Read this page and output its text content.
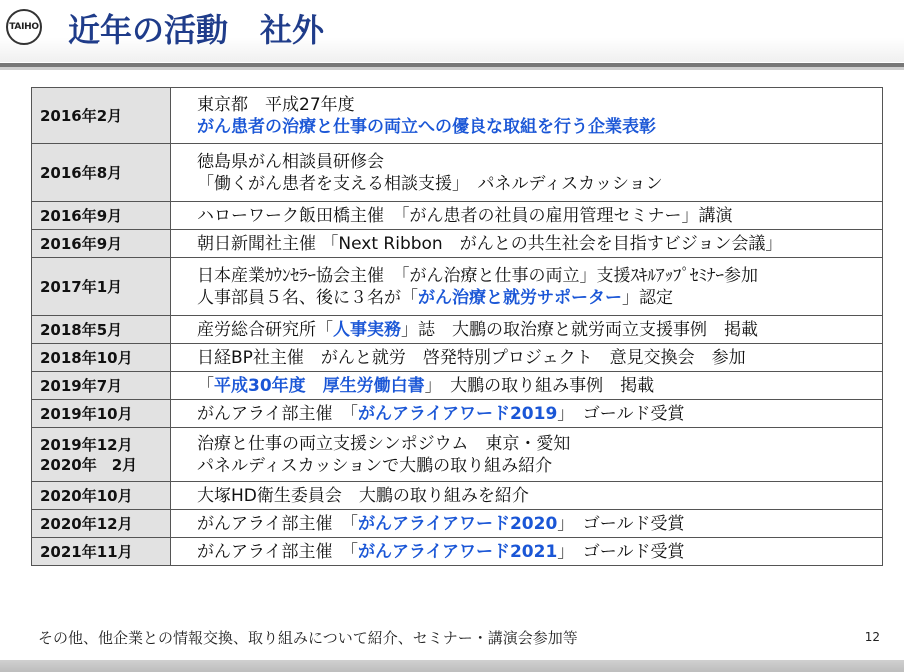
TAIHO 近年の活動　社外
2016年2月	東京都　平成27年度
がん患者の治療と仕事の両立への優良な取組を行う企業表彰

2016年8月	徳島県がん相談員研修会
「働くがん患者を支える相談支援」　パネルディスカッション

2016年9月	ハローワーク飯田橋主催　「がん患者の社員の雇用管理セミナー」講演

2016年9月	朝日新聞社主催 「Next Ribbon　がんとの共生社会を目指すビジョン会議」

2017年1月	日本産業ｶｳﾝｾﾗｰ協会主催　「がん治療と仕事の両立」支援ｽｷﾙｱｯﾌﾟｾﾐﾅｰ参加
人事部員５名、後に３名が「がん治療と就労サポーター」認定

2018年5月	産労総合研究所「人事実務」誌　大鵬の取治療と就労両立支援事例　掲載

2018年10月	日経BP社主催　がんと就労　啓発特別プロジェクト　意見交換会　参加

2019年7月	「平成30年度　厚生労働白書」　大鵬の取り組み事例　掲載

2019年10月	がんアライ部主催　「がんアライアワード2019」　ゴールド受賞

2019年12月
2020年　2月	治療と仕事の両立支援シンポジウム　東京・愛知
パネルディスカッションで大鵬の取り組み紹介

2020年10月	大塚HD衛生委員会　大鵬の取り組みを紹介

2020年12月	がんアライ部主催　「がんアライアワード2020」　ゴールド受賞

2021年11月	がんアライ部主催　「がんアライアワード2021」　ゴールド受賞
その他、他企業との情報交換、取り組みについて紹介、セミナー・講演会参加等	12
